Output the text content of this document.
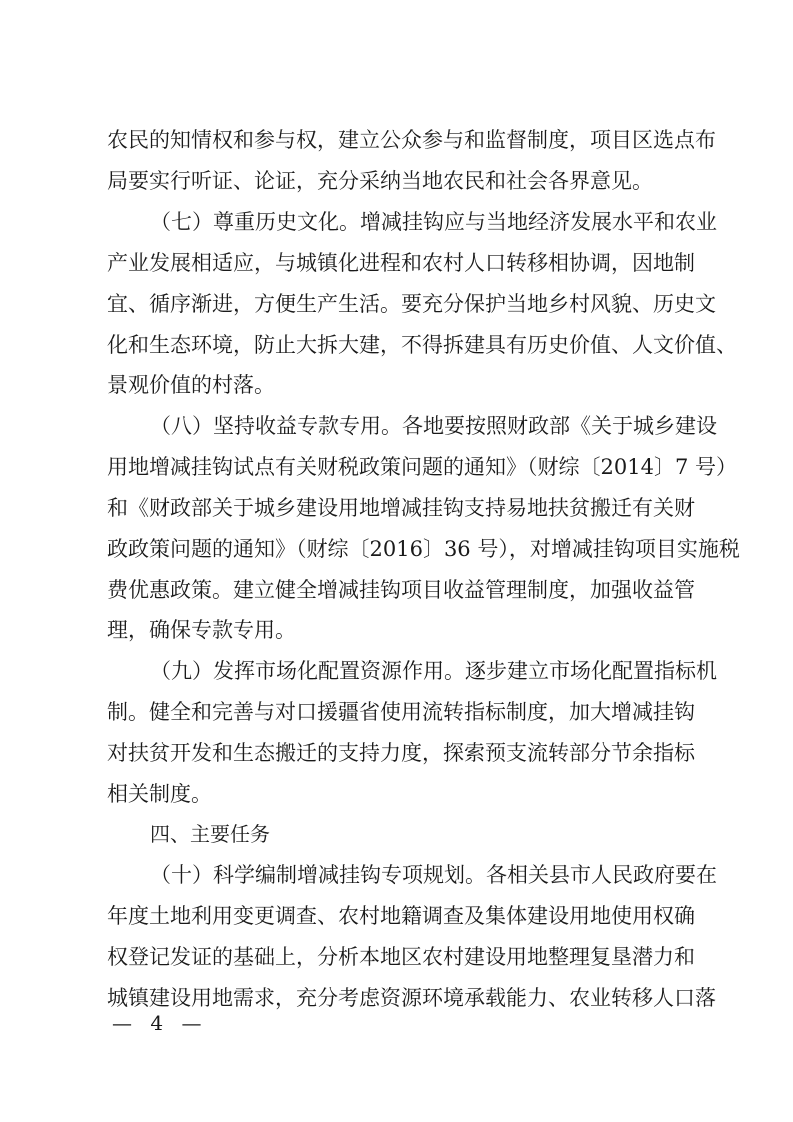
农民的知情权和参与权，建立公众参与和监督制度，项目区选点布
局要实行听证、论证，充分采纳当地农民和社会各界意见。
（七）尊重历史文化。增减挂钩应与当地经济发展水平和农业
产业发展相适应，与城镇化进程和农村人口转移相协调，因地制
宜、循序渐进，方便生产生活。要充分保护当地乡村风貌、历史文
化和生态环境，防止大拆大建，不得拆建具有历史价值、人文价值、
景观价值的村落。
（八）坚持收益专款专用。各地要按照财政部《关于城乡建设
用地增减挂钩试点有关财税政策问题的通知》（财综〔2014〕7 号）
和《财政部关于城乡建设用地增减挂钩支持易地扶贫搬迁有关财
政政策问题的通知》（财综〔2016〕36 号），对增减挂钩项目实施税
费优惠政策。建立健全增减挂钩项目收益管理制度，加强收益管
理，确保专款专用。
（九）发挥市场化配置资源作用。逐步建立市场化配置指标机
制。健全和完善与对口援疆省使用流转指标制度，加大增减挂钩
对扶贫开发和生态搬迁的支持力度，探索预支流转部分节余指标
相关制度。
四、主要任务
（十）科学编制增减挂钩专项规划。各相关县市人民政府要在
年度土地利用变更调查、农村地籍调查及集体建设用地使用权确
权登记发证的基础上，分析本地区农村建设用地整理复垦潜力和
城镇建设用地需求，充分考虑资源环境承载能力、农业转移人口落
— 4 —
